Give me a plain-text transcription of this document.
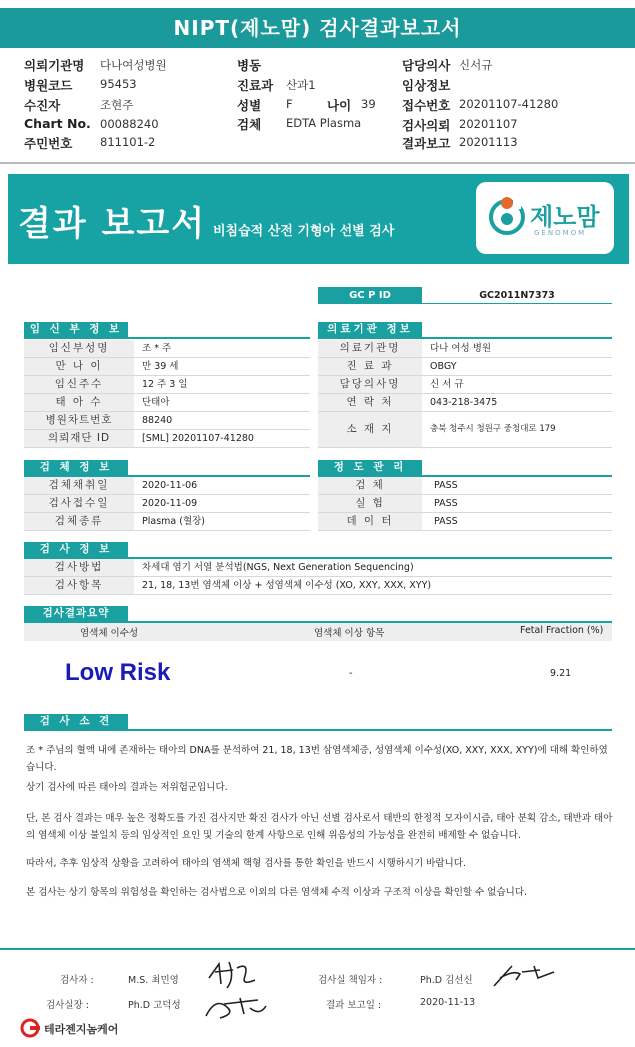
NIPT(제노맘) 검사결과보고서
의뢰기관명 다나여성병원
병원코드 95453
수진자	조현주
Chart No. 00088240
주민번호 811101-2
병동
진료과 산과1
성별 F	나이 39
검체 EDTA Plasma
담당의사 신서규
임상정보
접수번호 20201107-41280
검사의뢰 20201107
결과보고 20201113
결과 보고서 비침습적 산전 기형아 선별 검사
제노맘
GENOMOM
GC P ID	GC2011N7373
임 신 부 정 보	의료기관 정보
임신부성명	조 * 주
만 나 이	만 39 세
임신주수	12 주 3 일
태 아 수	단태아
병원차트번호	88240
의뢰재단 ID	[SML] 20201107-41280
의료기관명	다나 여성 병원
진 료 과	OBGY
담당의사명	신 서 규
연 락 처	043-218-3475
소 재 지	충북 청주시 청원구 중청대로 179
검 체 정 보	정 도 관 리
검체채취일	2020-11-06
검사접수일	2020-11-09
검체종류	Plasma (혈장)
검 체	PASS
실 험	PASS
데 이 터	PASS
검 사 정 보
검사방법	차세대 염기 서열 분석법(NGS, Next Generation Sequencing)
검사항목	21, 18, 13번 염색체 이상 + 성염색체 이수성 (XO, XXY, XXX, XYY)
검사결과요약
염색체 이수성	염색체 이상 항목	Fetal Fraction (%)
Low Risk	-	9.21
검 사 소 견
조 * 주님의 혈액 내에 존재하는 태아의 DNA를 분석하여 21, 18, 13번 삼염색체증, 성염색체 이수성(XO, XXY, XXX, XYY)에 대해 확인하였습니다.
상기 검사에 따른 태아의 결과는 저위험군입니다.
단, 본 검사 결과는 매우 높은 정확도를 가진 검사지만 확진 검사가 아닌 선별 검사로서 태반의 한정적 모자이시즘, 태아 분획 감소, 태반과 태아의 염색체 이상 불일치 등의 임상적인 요인 및 기술의 한계 사항으로 인해 위음성의 가능성을 완전히 배제할 수 없습니다.
따라서, 추후 임상적 상황을 고려하여 태아의 염색체 핵형 검사를 통한 확인을 반드시 시행하시기 바랍니다.
본 검사는 상기 항목의 위험성을 확인하는 검사법으로 이외의 다른 염색체 수적 이상과 구조적 이상을 확인할 수 없습니다.
검사자 :	M.S. 최민영	검사실 책임자 :	Ph.D 김선신
검사실장 :	Ph.D 고덕성	결과 보고일 :	2020-11-13
테라젠지놈케어
